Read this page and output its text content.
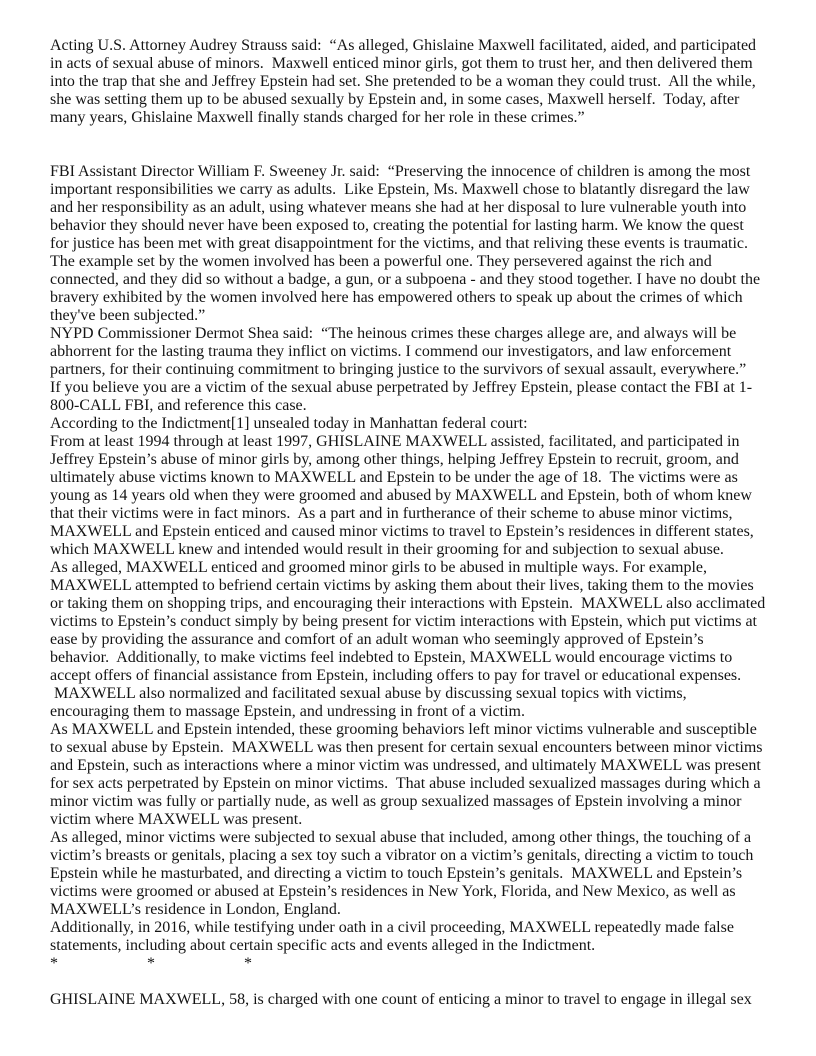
Acting U.S. Attorney Audrey Strauss said:  “As alleged, Ghislaine Maxwell facilitated, aided, and participated
in acts of sexual abuse of minors.  Maxwell enticed minor girls, got them to trust her, and then delivered them
into the trap that she and Jeffrey Epstein had set. She pretended to be a woman they could trust.  All the while,
she was setting them up to be abused sexually by Epstein and, in some cases, Maxwell herself.  Today, after
many years, Ghislaine Maxwell finally stands charged for her role in these crimes.”
FBI Assistant Director William F. Sweeney Jr. said:  “Preserving the innocence of children is among the most
important responsibilities we carry as adults.  Like Epstein, Ms. Maxwell chose to blatantly disregard the law
and her responsibility as an adult, using whatever means she had at her disposal to lure vulnerable youth into
behavior they should never have been exposed to, creating the potential for lasting harm. We know the quest
for justice has been met with great disappointment for the victims, and that reliving these events is traumatic.
The example set by the women involved has been a powerful one. They persevered against the rich and
connected, and they did so without a badge, a gun, or a subpoena - and they stood together. I have no doubt the
bravery exhibited by the women involved here has empowered others to speak up about the crimes of which
they've been subjected.”
NYPD Commissioner Dermot Shea said:  “The heinous crimes these charges allege are, and always will be
abhorrent for the lasting trauma they inflict on victims. I commend our investigators, and law enforcement
partners, for their continuing commitment to bringing justice to the survivors of sexual assault, everywhere.”
If you believe you are a victim of the sexual abuse perpetrated by Jeffrey Epstein, please contact the FBI at 1-
800-CALL FBI, and reference this case.
According to the Indictment[1] unsealed today in Manhattan federal court:
From at least 1994 through at least 1997, GHISLAINE MAXWELL assisted, facilitated, and participated in
Jeffrey Epstein’s abuse of minor girls by, among other things, helping Jeffrey Epstein to recruit, groom, and
ultimately abuse victims known to MAXWELL and Epstein to be under the age of 18.  The victims were as
young as 14 years old when they were groomed and abused by MAXWELL and Epstein, both of whom knew
that their victims were in fact minors.  As a part and in furtherance of their scheme to abuse minor victims,
MAXWELL and Epstein enticed and caused minor victims to travel to Epstein’s residences in different states,
which MAXWELL knew and intended would result in their grooming for and subjection to sexual abuse.
As alleged, MAXWELL enticed and groomed minor girls to be abused in multiple ways. For example,
MAXWELL attempted to befriend certain victims by asking them about their lives, taking them to the movies
or taking them on shopping trips, and encouraging their interactions with Epstein.  MAXWELL also acclimated
victims to Epstein’s conduct simply by being present for victim interactions with Epstein, which put victims at
ease by providing the assurance and comfort of an adult woman who seemingly approved of Epstein’s
behavior.  Additionally, to make victims feel indebted to Epstein, MAXWELL would encourage victims to
accept offers of financial assistance from Epstein, including offers to pay for travel or educational expenses.
MAXWELL also normalized and facilitated sexual abuse by discussing sexual topics with victims,
encouraging them to massage Epstein, and undressing in front of a victim.
As MAXWELL and Epstein intended, these grooming behaviors left minor victims vulnerable and susceptible
to sexual abuse by Epstein.  MAXWELL was then present for certain sexual encounters between minor victims
and Epstein, such as interactions where a minor victim was undressed, and ultimately MAXWELL was present
for sex acts perpetrated by Epstein on minor victims.  That abuse included sexualized massages during which a
minor victim was fully or partially nude, as well as group sexualized massages of Epstein involving a minor
victim where MAXWELL was present.
As alleged, minor victims were subjected to sexual abuse that included, among other things, the touching of a
victim’s breasts or genitals, placing a sex toy such a vibrator on a victim’s genitals, directing a victim to touch
Epstein while he masturbated, and directing a victim to touch Epstein’s genitals.  MAXWELL and Epstein’s
victims were groomed or abused at Epstein’s residences in New York, Florida, and New Mexico, as well as
MAXWELL’s residence in London, England.
Additionally, in 2016, while testifying under oath in a civil proceeding, MAXWELL repeatedly made false
statements, including about certain specific acts and events alleged in the Indictment.
*	*	*
GHISLAINE MAXWELL, 58, is charged with one count of enticing a minor to travel to engage in illegal sex
